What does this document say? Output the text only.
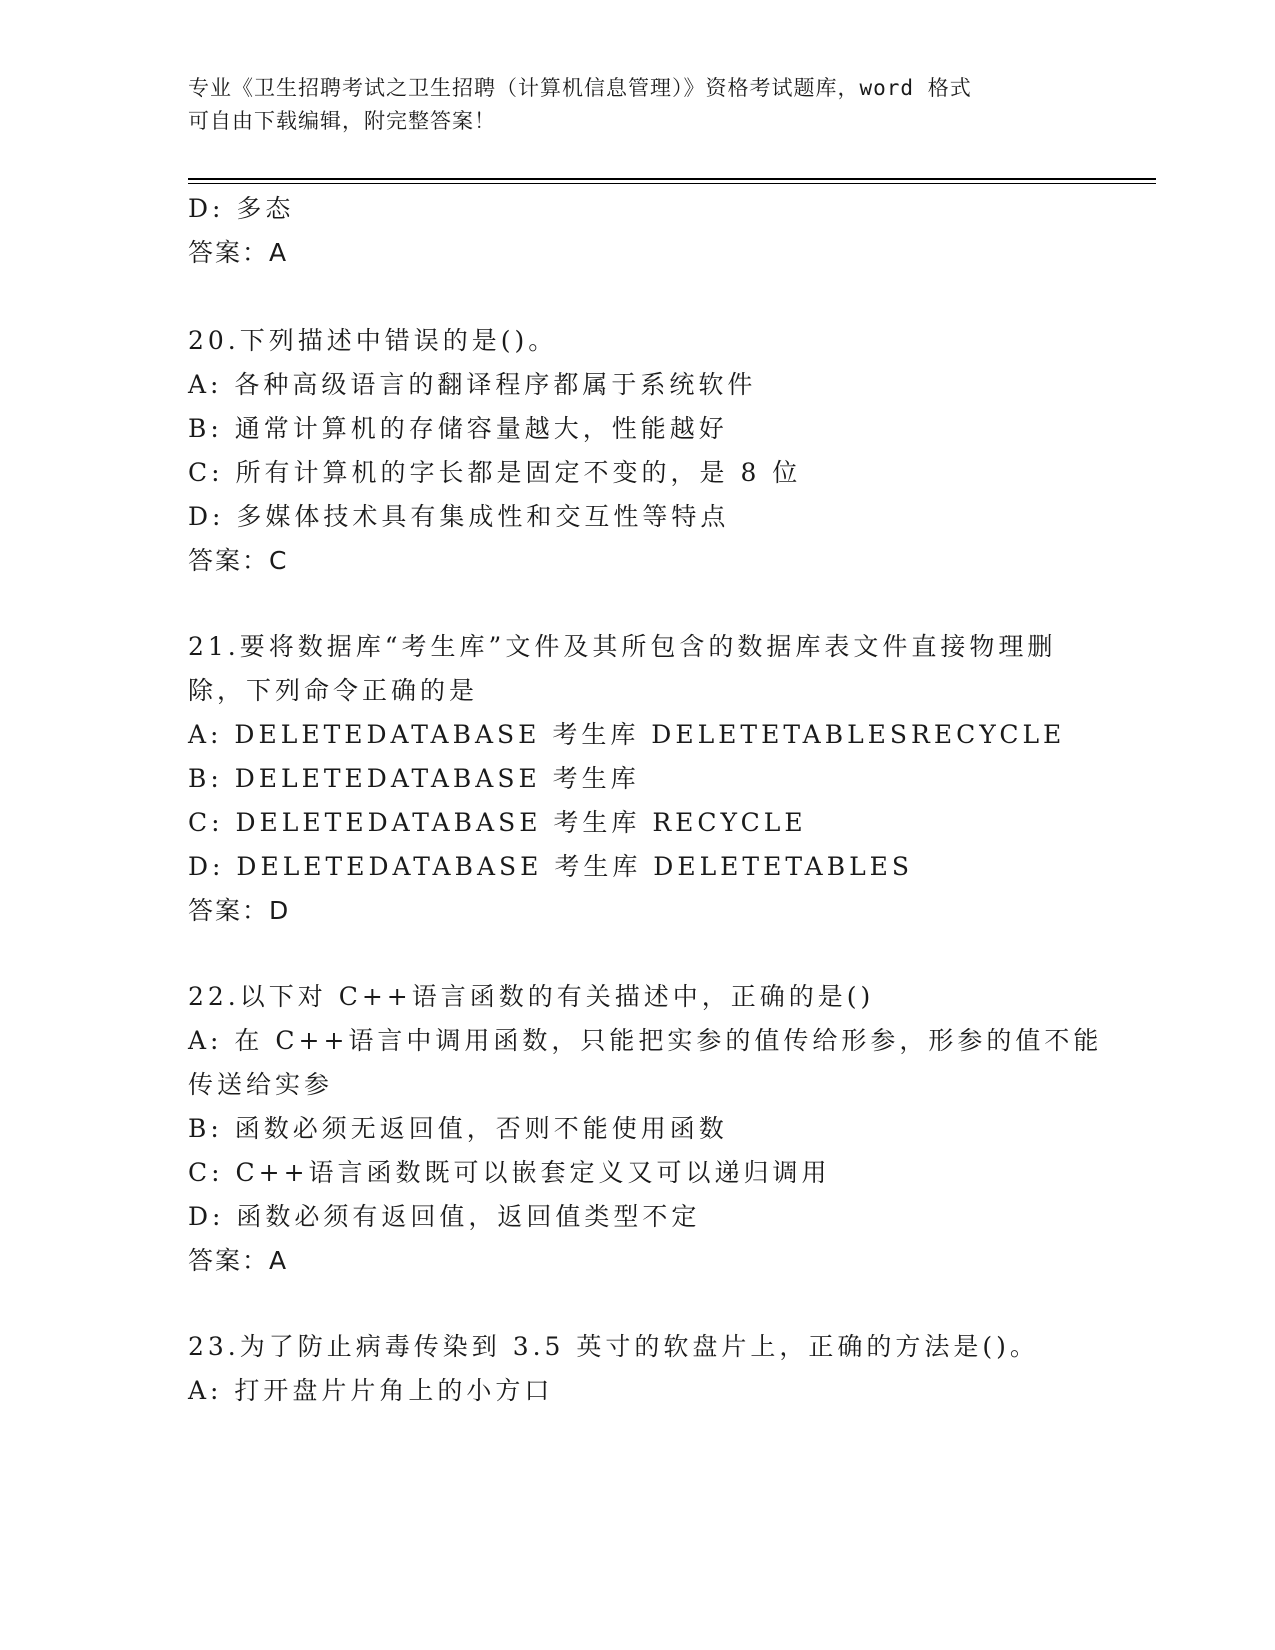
专业《卫生招聘考试之卫生招聘（计算机信息管理）》资格考试题库，word 格式
可自由下载编辑，附完整答案！
D: 多态
答案：A
20.下列描述中错误的是()。
A: 各种高级语言的翻译程序都属于系统软件
B: 通常计算机的存储容量越大，性能越好
C: 所有计算机的字长都是固定不变的，是 8 位
D: 多媒体技术具有集成性和交互性等特点
答案：C
21.要将数据库“考生库”文件及其所包含的数据库表文件直接物理删
除，下列命令正确的是
A: DELETEDATABASE 考生库 DELETETABLESRECYCLE
B: DELETEDATABASE 考生库
C: DELETEDATABASE 考生库 RECYCLE
D: DELETEDATABASE 考生库 DELETETABLES
答案：D
22.以下对 C++语言函数的有关描述中，正确的是()
A: 在 C++语言中调用函数，只能把实参的值传给形参，形参的值不能
传送给实参
B: 函数必须无返回值，否则不能使用函数
C: C++语言函数既可以嵌套定义又可以递归调用
D: 函数必须有返回值，返回值类型不定
答案：A
23.为了防止病毒传染到 3.5 英寸的软盘片上，正确的方法是()。
A: 打开盘片片角上的小方口
